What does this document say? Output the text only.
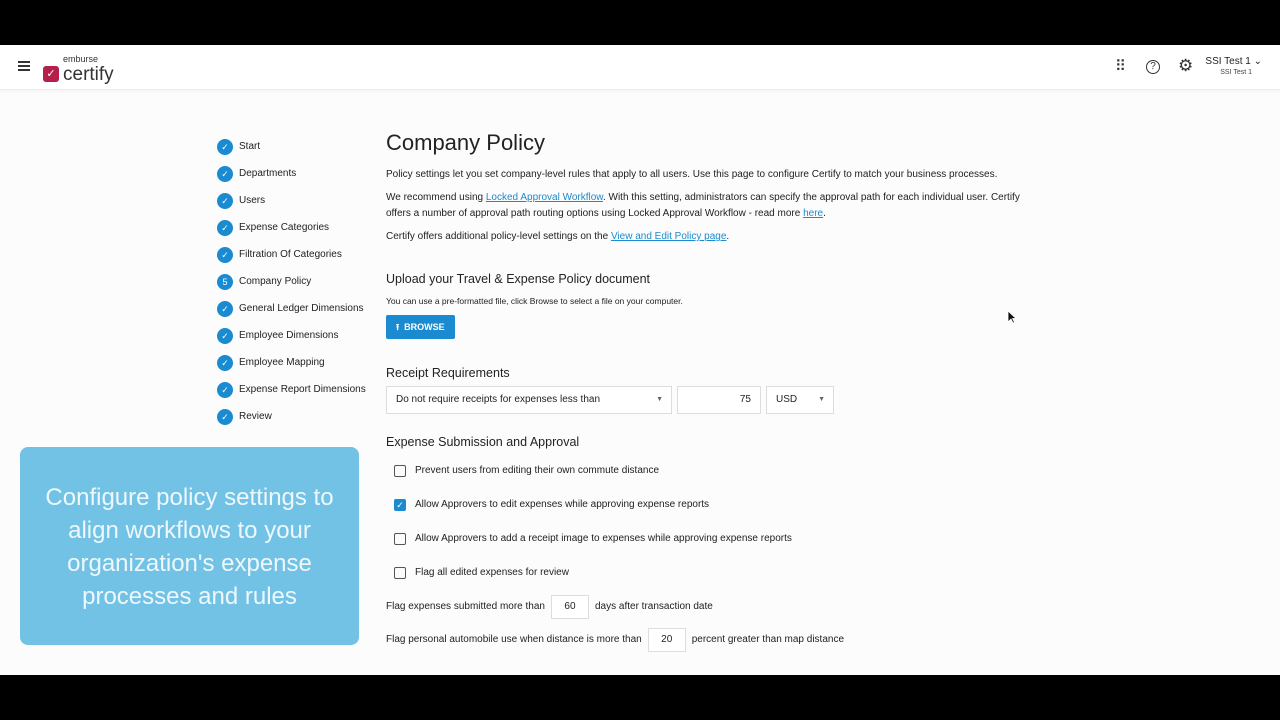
emburse
✓ certify	⠿	? ⚙ SSI Test 1 ⌄
SSI Test 1
✓	Start
✓	Departments
✓	Users
✓	Expense Categories
✓	Filtration Of Categories
5	Company Policy
✓	General Ledger Dimensions
✓	Employee Dimensions
✓	Employee Mapping
✓	Expense Report Dimensions
✓	Review
Configure policy settings to align workflows to your organization's expense processes and rules
Company Policy

Policy settings let you set company-level rules that apply to all users. Use this page to configure Certify to match your business processes.

We recommend using Locked Approval Workflow. With this setting, administrators can specify the approval path for each individual user. Certify offers a number of approval path routing options using Locked Approval Workflow - read more here.

Certify offers additional policy-level settings on the View and Edit Policy page.

Upload your Travel & Expense Policy document
You can use a pre-formatted file, click Browse to select a file on your computer.
⭱ BROWSE
Receipt Requirements
Do not require receipts for expenses less than	▼	75	USD	▼
Expense Submission and Approval
Prevent users from editing their own commute distance
✓ Allow Approvers to edit expenses while approving expense reports
Allow Approvers to add a receipt image to expenses while approving expense reports
Flag all edited expenses for review
Flag expenses submitted more than	60	days after transaction date
Flag personal automobile use when distance is more than	20	percent greater than map distance
